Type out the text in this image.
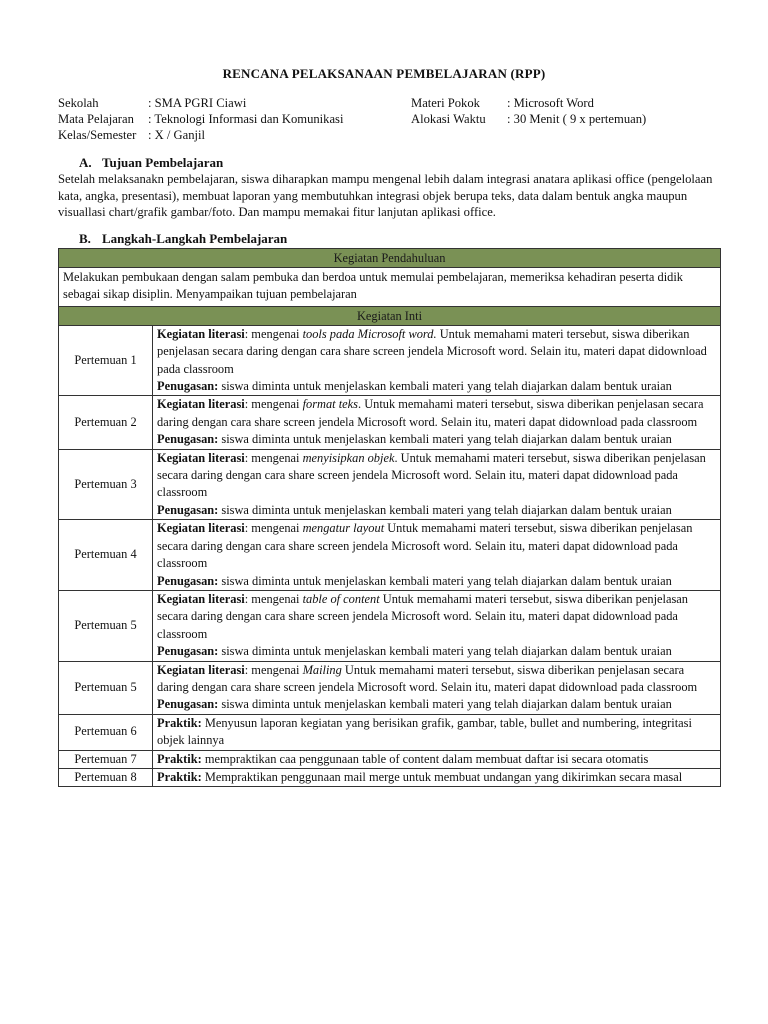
RENCANA PELAKSANAAN PEMBELAJARAN (RPP)
Sekolah	: SMA PGRI Ciawi
Mata Pelajaran	: Teknologi Informasi dan Komunikasi
Kelas/Semester : X / Ganjil
Materi Pokok	: Microsoft Word
Alokasi Waktu	: 30 Menit ( 9 x pertemuan)
A. Tujuan Pembelajaran
Setelah melaksanakn pembelajaran, siswa diharapkan mampu mengenal lebih dalam integrasi anatara aplikasi office (pengelolaan kata, angka, presentasi), membuat laporan yang membutuhkan integrasi objek berupa teks, data dalam bentuk angka maupun visuallasi chart/grafik gambar/foto. Dan mampu memakai fitur lanjutan aplikasi office.
B. Langkah-Langkah Pembelajaran
Kegiatan Pendahuluan	
Melakukan pembukaan dengan salam pembuka dan berdoa untuk memulai pembelajaran, memeriksa kehadiran peserta didik sebagai sikap disiplin. Menyampaikan tujuan pembelajaran	
Kegiatan Inti	
Pertemuan 1	Kegiatan literasi: mengenai tools pada Microsoft word. Untuk memahami materi tersebut, siswa diberikan penjelasan secara daring dengan cara share screen jendela Microsoft word. Selain itu, materi dapat didownload pada classroom
Penugasan: siswa diminta untuk menjelaskan kembali materi yang telah diajarkan dalam bentuk uraian
Pertemuan 2	Kegiatan literasi: mengenai format teks. Untuk memahami materi tersebut, siswa diberikan penjelasan secara daring dengan cara share screen jendela Microsoft word. Selain itu, materi dapat didownload pada classroom
Penugasan: siswa diminta untuk menjelaskan kembali materi yang telah diajarkan dalam bentuk uraian
Pertemuan 3	Kegiatan literasi: mengenai menyisipkan objek. Untuk memahami materi tersebut, siswa diberikan penjelasan secara daring dengan cara share screen jendela Microsoft word. Selain itu, materi dapat didownload pada classroom
Penugasan: siswa diminta untuk menjelaskan kembali materi yang telah diajarkan dalam bentuk uraian
Pertemuan 4	Kegiatan literasi: mengenai mengatur layout Untuk memahami materi tersebut, siswa diberikan penjelasan secara daring dengan cara share screen jendela Microsoft word. Selain itu, materi dapat didownload pada classroom
Penugasan: siswa diminta untuk menjelaskan kembali materi yang telah diajarkan dalam bentuk uraian
Pertemuan 5	Kegiatan literasi: mengenai table of content Untuk memahami materi tersebut, siswa diberikan penjelasan secara daring dengan cara share screen jendela Microsoft word. Selain itu, materi dapat didownload pada classroom
Penugasan: siswa diminta untuk menjelaskan kembali materi yang telah diajarkan dalam bentuk uraian
Pertemuan 5	Kegiatan literasi: mengenai Mailing Untuk memahami materi tersebut, siswa diberikan penjelasan secara daring dengan cara share screen jendela Microsoft word. Selain itu, materi dapat didownload pada classroom
Penugasan: siswa diminta untuk menjelaskan kembali materi yang telah diajarkan dalam bentuk uraian
Pertemuan 6	Praktik: Menyusun laporan kegiatan yang berisikan grafik, gambar, table, bullet and numbering, integritasi objek lainnya
Pertemuan 7	Praktik: mempraktikan caa penggunaan table of content dalam membuat daftar isi secara otomatis
Pertemuan 8	Praktik: Mempraktikan penggunaan mail merge untuk membuat undangan yang dikirimkan secara masal
